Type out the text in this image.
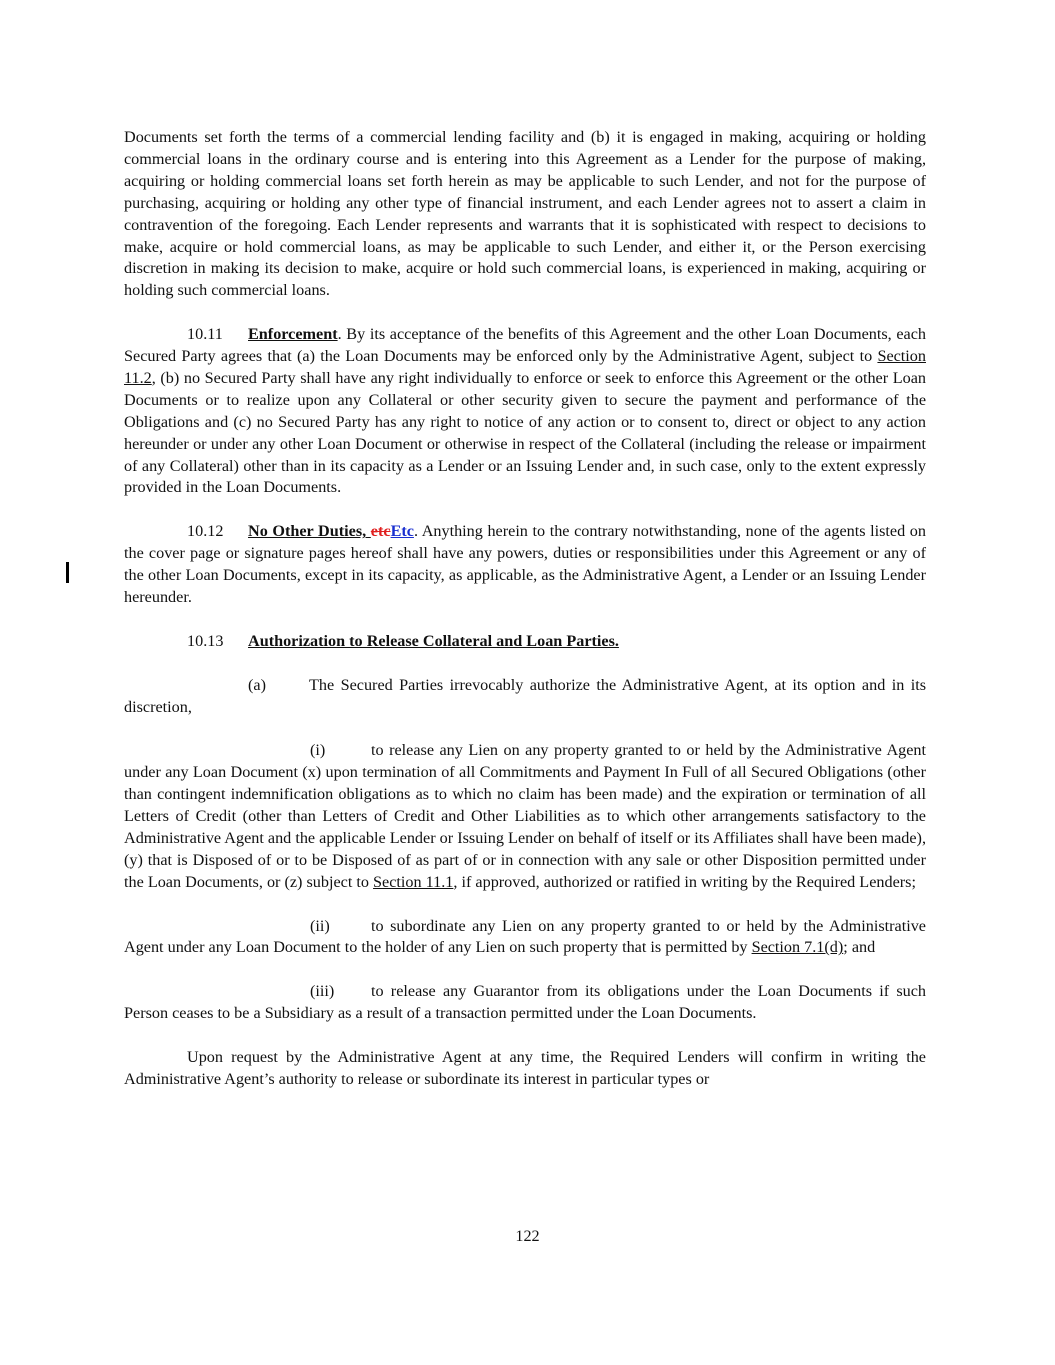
Documents set forth the terms of a commercial lending facility and (b) it is engaged in making, acquiring or holding commercial loans in the ordinary course and is entering into this Agreement as a Lender for the purpose of making, acquiring or holding commercial loans set forth herein as may be applicable to such Lender, and not for the purpose of purchasing, acquiring or holding any other type of financial instrument, and each Lender agrees not to assert a claim in contravention of the foregoing. Each Lender represents and warrants that it is sophisticated with respect to decisions to make, acquire or hold commercial loans, as may be applicable to such Lender, and either it, or the Person exercising discretion in making its decision to make, acquire or hold such commercial loans, is experienced in making, acquiring or holding such commercial loans.

10.11 Enforcement. By its acceptance of the benefits of this Agreement and the other Loan Documents, each Secured Party agrees that (a) the Loan Documents may be enforced only by the Administrative Agent, subject to Section 11.2, (b) no Secured Party shall have any right individually to enforce or seek to enforce this Agreement or the other Loan Documents or to realize upon any Collateral or other security given to secure the payment and performance of the Obligations and (c) no Secured Party has any right to notice of any action or to consent to, direct or object to any action hereunder or under any other Loan Document or otherwise in respect of the Collateral (including the release or impairment of any Collateral) other than in its capacity as a Lender or an Issuing Lender and, in such case, only to the extent expressly provided in the Loan Documents.

10.12 No Other Duties, etcEtc. Anything herein to the contrary notwithstanding, none of the agents listed on the cover page or signature pages hereof shall have any powers, duties or responsibilities under this Agreement or any of the other Loan Documents, except in its capacity, as applicable, as the Administrative Agent, a Lender or an Issuing Lender hereunder.

10.13 Authorization to Release Collateral and Loan Parties.

(a)	The Secured Parties irrevocably authorize the Administrative Agent, at its option and in its discretion,

(i)	to release any Lien on any property granted to or held by the Administrative Agent under any Loan Document (x) upon termination of all Commitments and Payment In Full of all Secured Obligations (other than contingent indemnification obligations as to which no claim has been made) and the expiration or termination of all Letters of Credit (other than Letters of Credit and Other Liabilities as to which other arrangements satisfactory to the Administrative Agent and the applicable Lender or Issuing Lender on behalf of itself or its Affiliates shall have been made), (y) that is Disposed of or to be Disposed of as part of or in connection with any sale or other Disposition permitted under the Loan Documents, or (z) subject to Section 11.1, if approved, authorized or ratified in writing by the Required Lenders;

(ii)	to subordinate any Lien on any property granted to or held by the Administrative Agent under any Loan Document to the holder of any Lien on such property that is permitted by Section 7.1(d); and

(iii) to release any Guarantor from its obligations under the Loan Documents if such Person ceases to be a Subsidiary as a result of a transaction permitted under the Loan Documents.

Upon request by the Administrative Agent at any time, the Required Lenders will confirm in writing the Administrative Agent’s authority to release or subordinate its interest in particular types or

122
